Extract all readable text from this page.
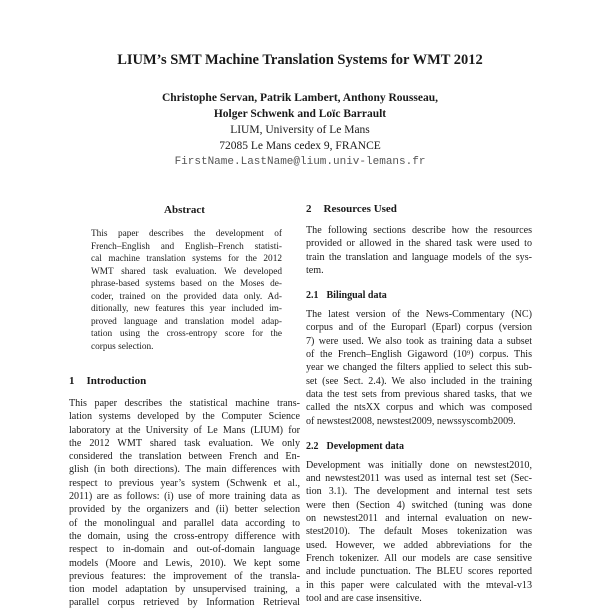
LIUM’s SMT Machine Translation Systems for WMT 2012
Christophe Servan, Patrik Lambert, Anthony Rousseau,
Holger Schwenk and Loïc Barrault
LIUM, University of Le Mans
72085 Le Mans cedex 9, FRANCE
FirstName.LastName@lium.univ-lemans.fr
Abstract
This paper describes the development of
French–English and English–French statisti-
cal machine translation systems for the 2012
WMT shared task evaluation. We developed
phrase-based systems based on the Moses de-
coder, trained on the provided data only. Ad-
ditionally, new features this year included im-
proved language and translation model adap-
tation using the cross-entropy score for the
corpus selection.
1 Introduction
This paper describes the statistical machine trans-
lation systems developed by the Computer Science
laboratory at the University of Le Mans (LIUM) for
the 2012 WMT shared task evaluation. We only
considered the translation between French and En-
glish (in both directions). The main differences with
respect to previous year’s system (Schwenk et al.,
2011) are as follows: (i) use of more training data as
provided by the organizers and (ii) better selection
of the monolingual and parallel data according to
the domain, using the cross-entropy difference with
respect to in-domain and out-of-domain language
models (Moore and Lewis, 2010). We kept some
previous features: the improvement of the transla-
tion model adaptation by unsupervised training, a
parallel corpus retrieved by Information Retrieval
2 Resources Used
The following sections describe how the resources
provided or allowed in the shared task were used to
train the translation and language models of the sys-
tem.
2.1 Bilingual data
The latest version of the News-Commentary (NC)
corpus and of the Europarl (Eparl) corpus (version
7) were used. We also took as training data a subset
of the French–English Gigaword (10⁹) corpus. This
year we changed the filters applied to select this sub-
set (see Sect. 2.4). We also included in the training
data the test sets from previous shared tasks, that we
called the ntsXX corpus and which was composed
of newstest2008, newstest2009, newssyscomb2009.
2.2 Development data
Development was initially done on newstest2010,
and newstest2011 was used as internal test set (Sec-
tion 3.1). The development and internal test sets
were then (Section 4) switched (tuning was done
on newstest2011 and internal evaluation on new-
stest2010). The default Moses tokenization was
used. However, we added abbreviations for the
French tokenizer. All our models are case sensitive
and include punctuation. The BLEU scores reported
in this paper were calculated with the mteval-v13
tool and are case insensitive.
